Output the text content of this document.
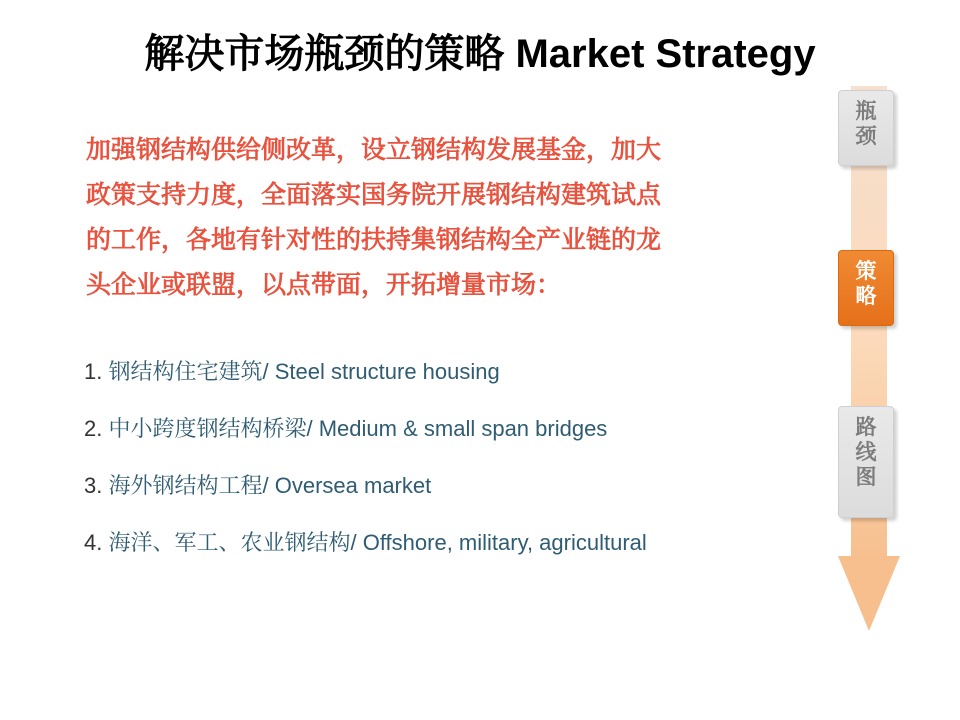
解决市场瓶颈的策略 Market Strategy
加强钢结构供给侧改革，设立钢结构发展基金，加大
政策支持力度，全面落实国务院开展钢结构建筑试点
的工作，各地有针对性的扶持集钢结构全产业链的龙
头企业或联盟，以点带面，开拓增量市场：
1. 钢结构住宅建筑/ Steel structure housing
2. 中小跨度钢结构桥梁/ Medium & small span bridges
3. 海外钢结构工程/ Oversea market
4. 海洋、军工、农业钢结构/ Offshore, military, agricultural
瓶
颈
策
略
路
线
图
